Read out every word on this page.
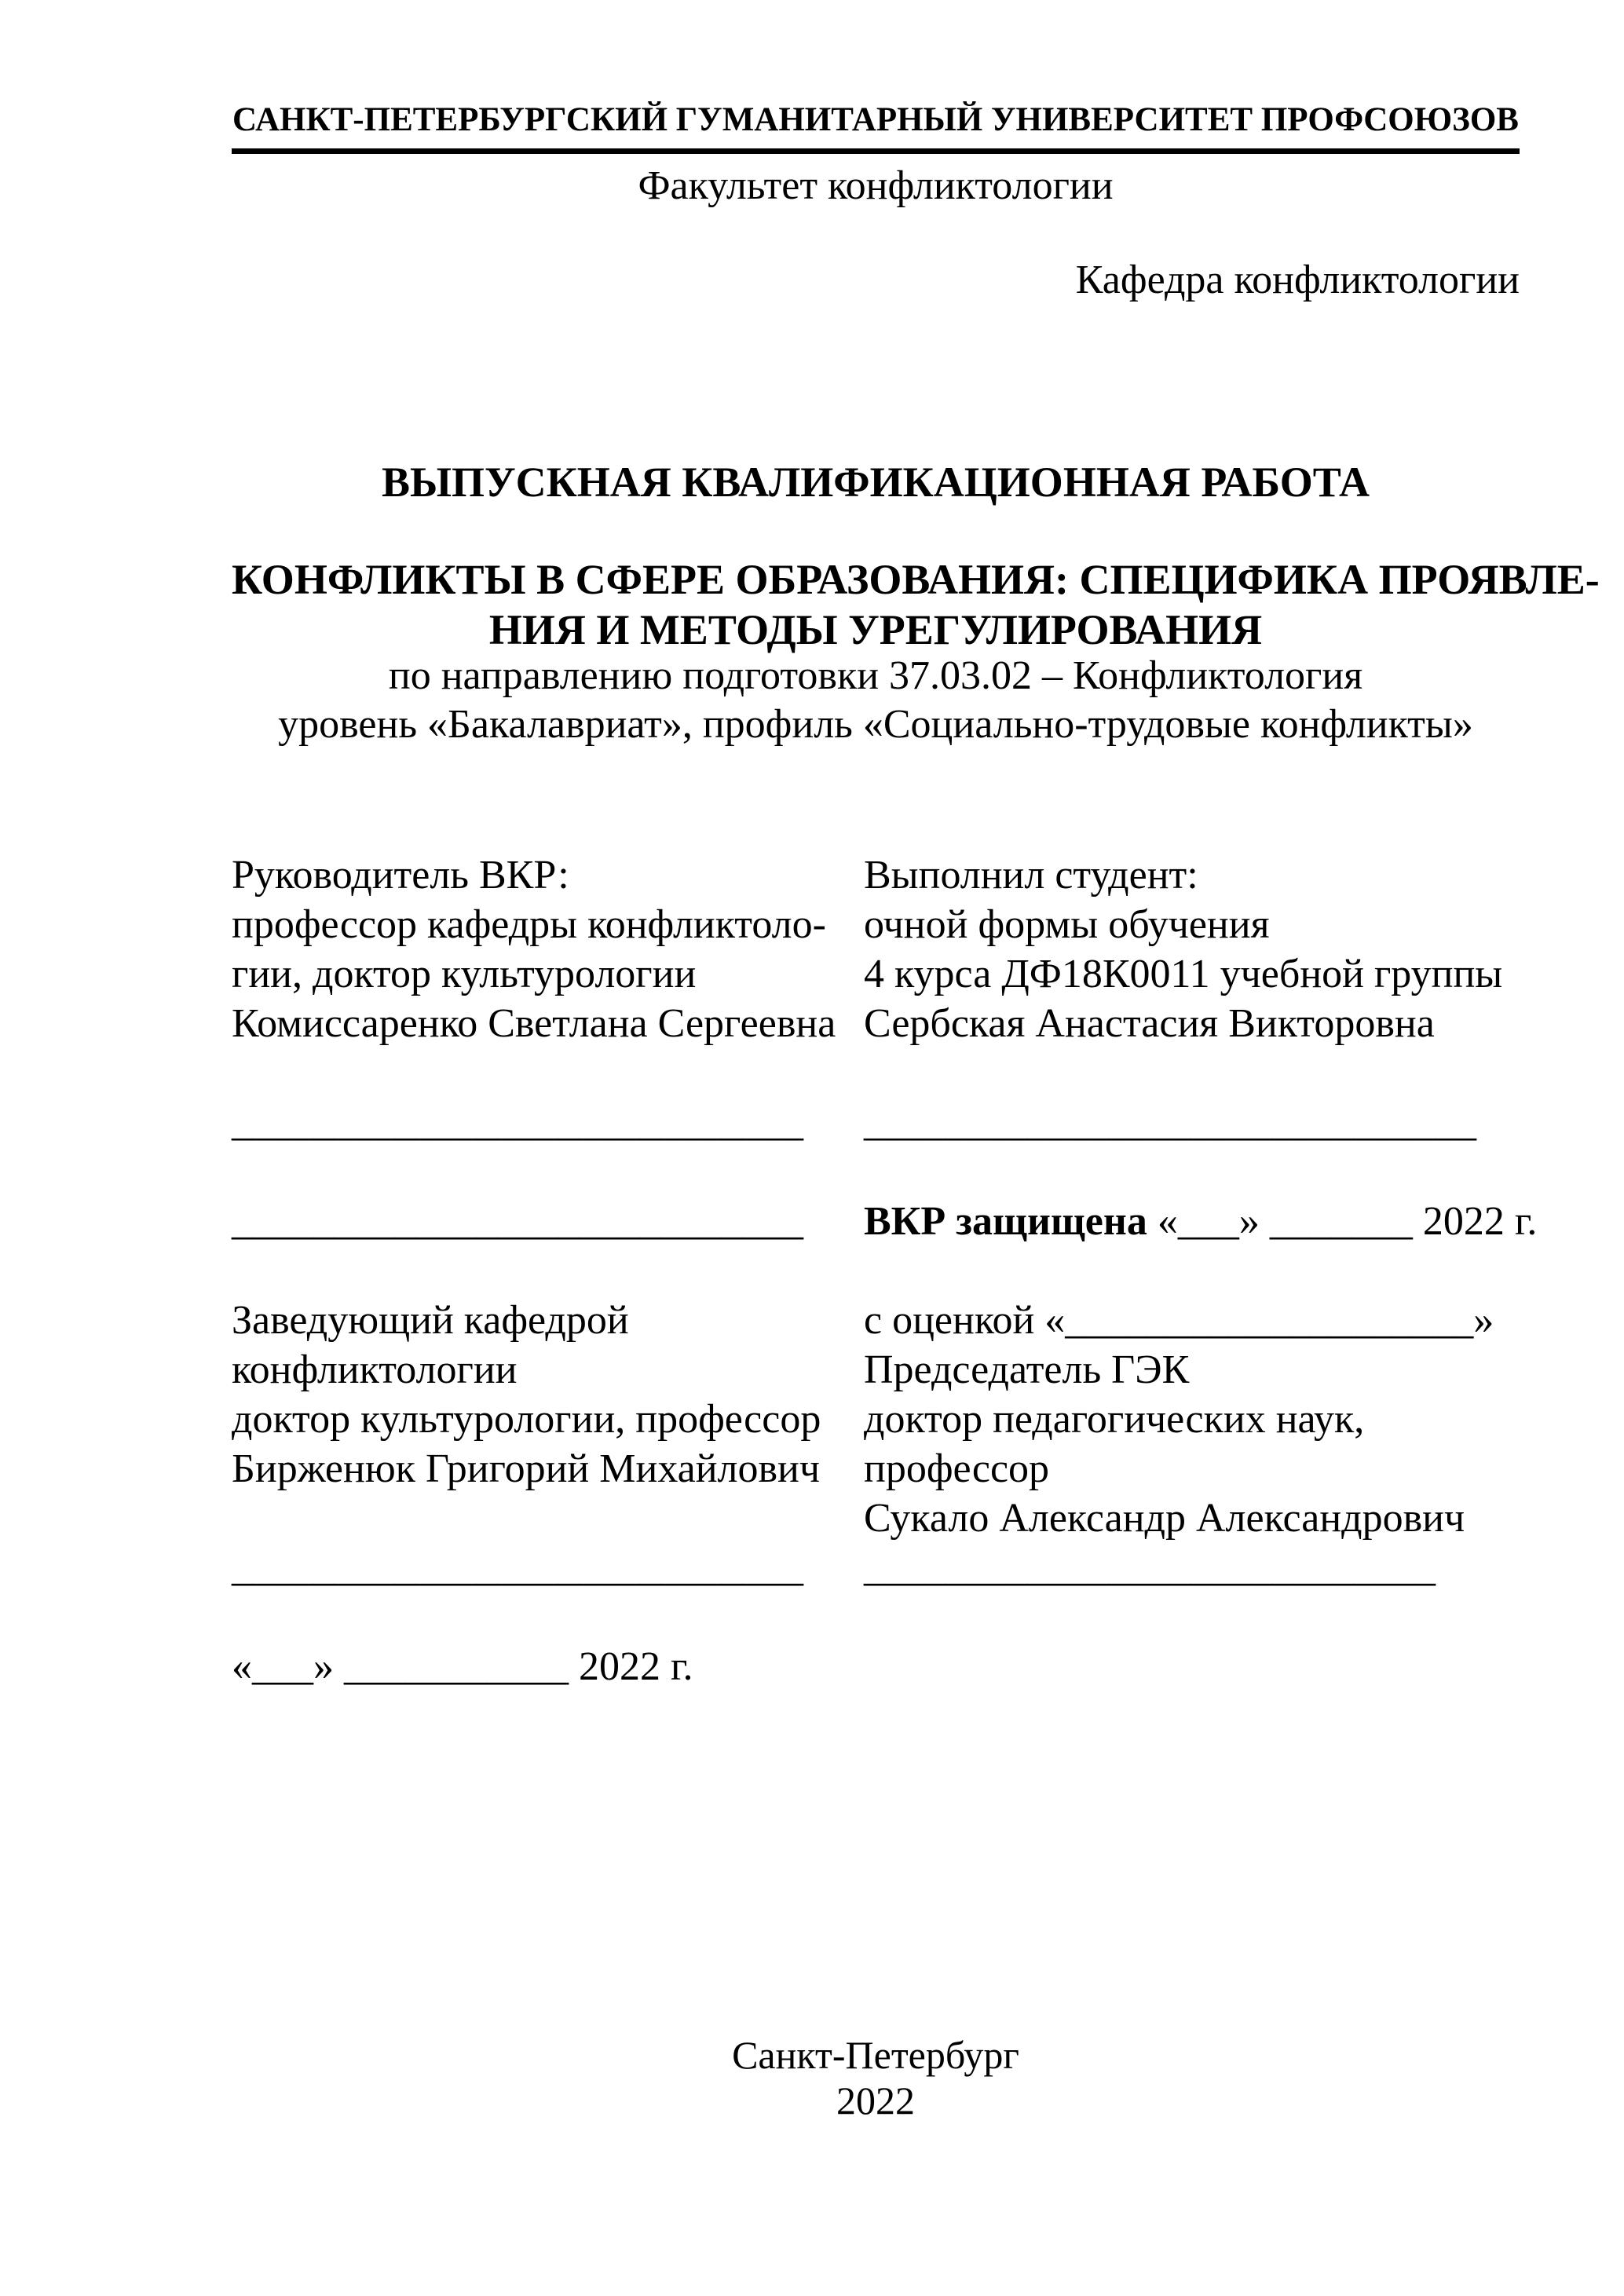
САНКТ-ПЕТЕРБУРГСКИЙ ГУМАНИТАРНЫЙ УНИВЕРСИТЕТ ПРОФСОЮЗОВ
Факультет конфликтологии
Кафедра конфликтологии
ВЫПУСКНАЯ КВАЛИФИКАЦИОННАЯ РАБОТА
КОНФЛИКТЫ В СФЕРЕ ОБРАЗОВАНИЯ: СПЕЦИФИКА ПРОЯВЛЕ-
НИЯ И МЕТОДЫ УРЕГУЛИРОВАНИЯ
по направлению подготовки 37.03.02 – Конфликтология
уровень «Бакалавриат», профиль «Социально-трудовые конфликты»
Руководитель ВКР:
профессор кафедры конфликтоло-
гии, доктор культурологии
Комиссаренко Светлана Сергеевна
____________________________
____________________________
Заведующий кафедрой
конфликтологии
доктор культурологии, профессор
Бирженюк Григорий Михайлович
____________________________
«___» ___________ 2022 г.
Выполнил студент:
очной формы обучения
4 курса ДФ18К0011 учебной группы
Сербская Анастасия Викторовна
______________________________
ВКР защищена «___» _______ 2022 г.
с оценкой «____________________»
Председатель ГЭК
доктор педагогических наук,
профессор
Сукало Александр Александрович
____________________________
Санкт-Петербург
2022
